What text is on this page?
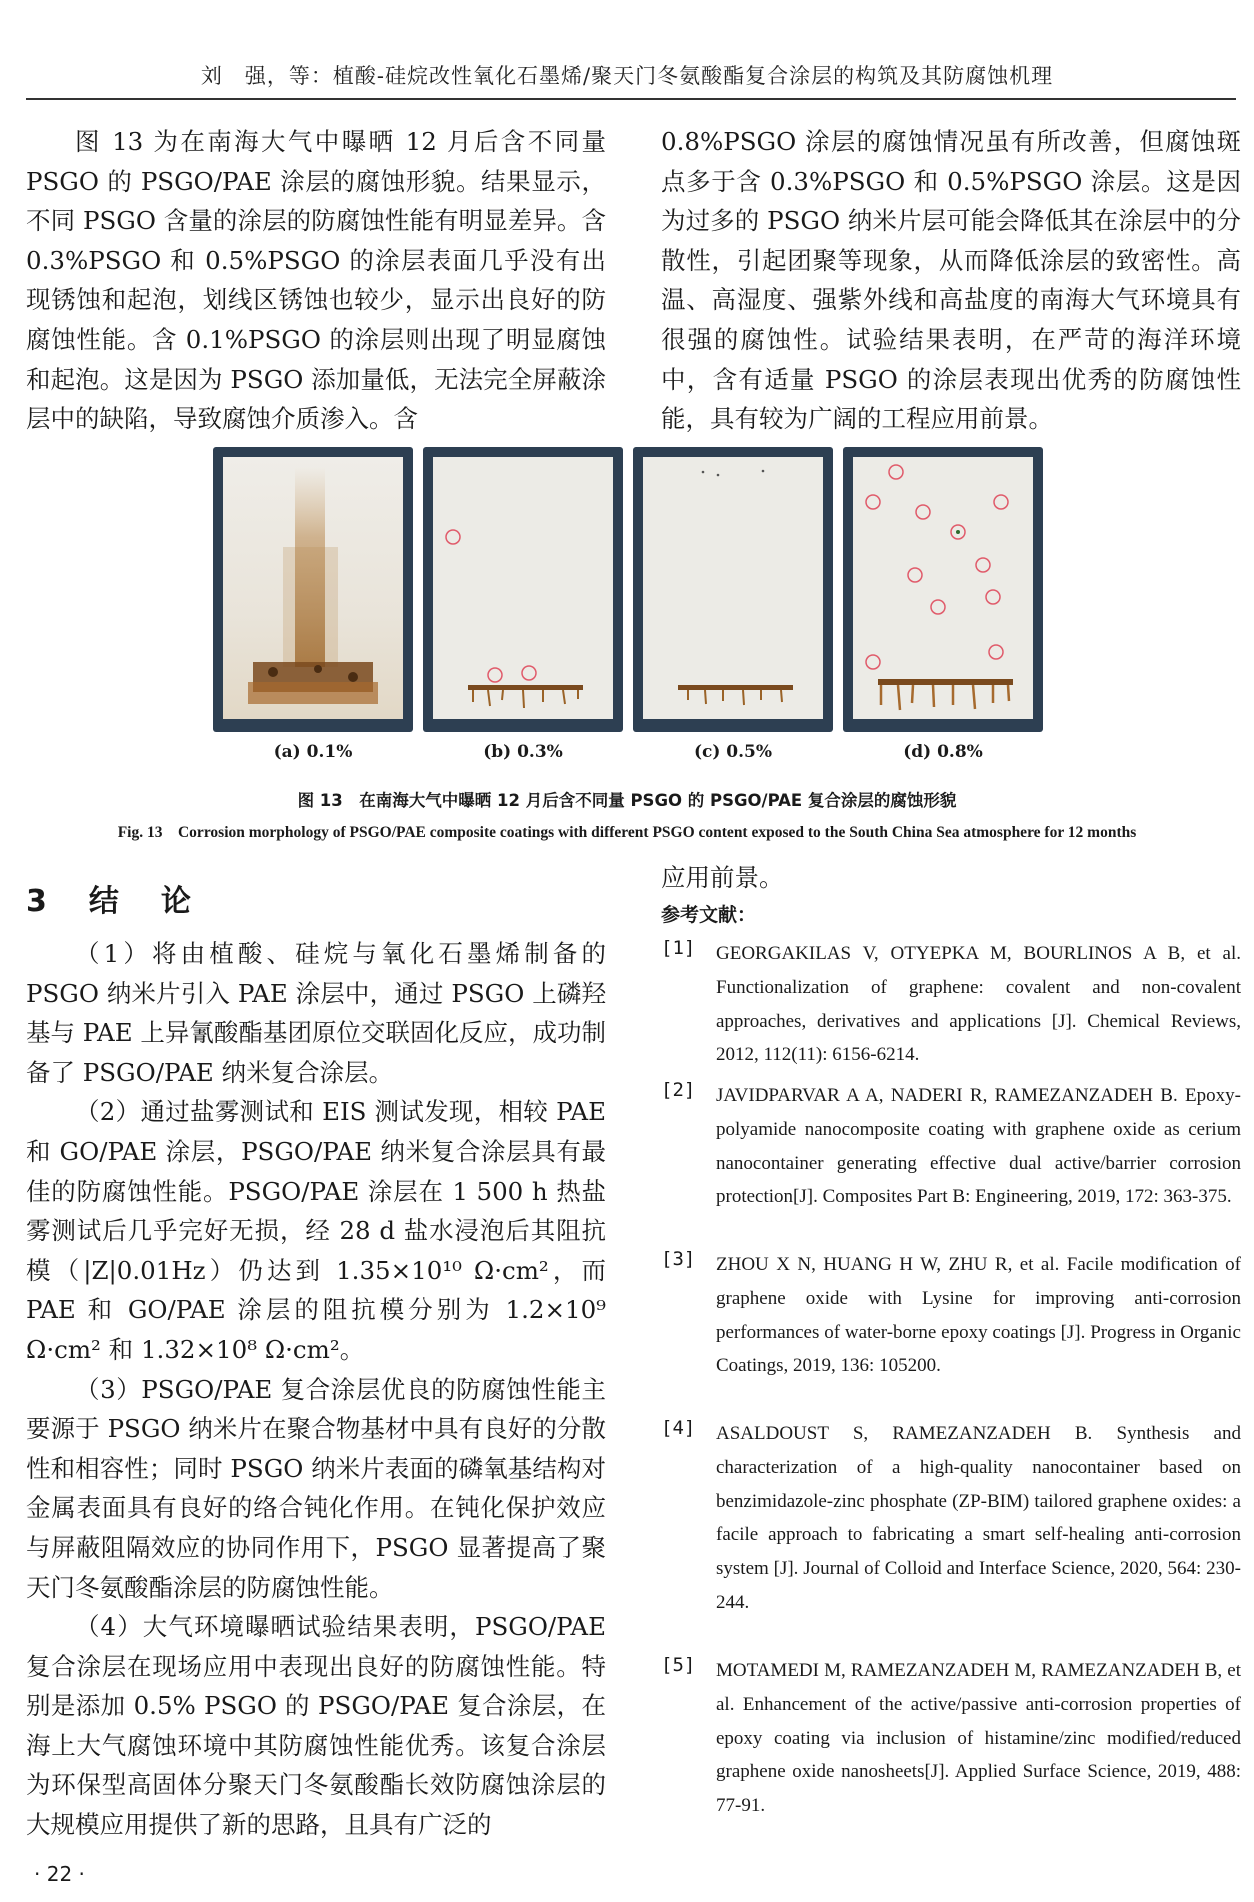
刘　强，等：植酸-硅烷改性氧化石墨烯/聚天门冬氨酸酯复合涂层的构筑及其防腐蚀机理

图 13 为在南海大气中曝晒 12 月后含不同量 PSGO 的 PSGO/PAE 涂层的腐蚀形貌。结果显示，不同 PSGO 含量的涂层的防腐蚀性能有明显差异。含 0.3%PSGO 和 0.5%PSGO 的涂层表面几乎没有出现锈蚀和起泡，划线区锈蚀也较少，显示出良好的防腐蚀性能。含 0.1%PSGO 的涂层则出现了明显腐蚀和起泡。这是因为 PSGO 添加量低，无法完全屏蔽涂层中的缺陷，导致腐蚀介质渗入。含

0.8%PSGO 涂层的腐蚀情况虽有所改善，但腐蚀斑点多于含 0.3%PSGO 和 0.5%PSGO 涂层。这是因为过多的 PSGO 纳米片层可能会降低其在涂层中的分散性，引起团聚等现象，从而降低涂层的致密性。高温、高湿度、强紫外线和高盐度的南海大气环境具有很强的腐蚀性。试验结果表明，在严苛的海洋环境中，含有适量 PSGO 的涂层表现出优秀的防腐蚀性能，具有较为广阔的工程应用前景。

(a) 0.1%	(b) 0.3%	(c) 0.5%	(d) 0.8%
图 13　在南海大气中曝晒 12 月后含不同量 PSGO 的 PSGO/PAE 复合涂层的腐蚀形貌
Fig. 13　Corrosion morphology of PSGO/PAE composite coatings with different PSGO content exposed to the South China Sea atmosphere for 12 months
3　结　论

（1）将由植酸、硅烷与氧化石墨烯制备的 PSGO 纳米片引入 PAE 涂层中，通过 PSGO 上磷羟基与 PAE 上异氰酸酯基团原位交联固化反应，成功制备了 PSGO/PAE 纳米复合涂层。

（2）通过盐雾测试和 EIS 测试发现，相较 PAE 和 GO/PAE 涂层，PSGO/PAE 纳米复合涂层具有最佳的防腐蚀性能。PSGO/PAE 涂层在 1 500 h 热盐雾测试后几乎完好无损，经 28 d 盐水浸泡后其阻抗模（|Z|0.01Hz）仍达到 1.35×10¹⁰ Ω·cm²，而 PAE 和 GO/PAE 涂层的阻抗模分别为 1.2×10⁹ Ω·cm² 和 1.32×10⁸ Ω·cm²。

（3）PSGO/PAE 复合涂层优良的防腐蚀性能主要源于 PSGO 纳米片在聚合物基材中具有良好的分散性和相容性；同时 PSGO 纳米片表面的磷氧基结构对金属表面具有良好的络合钝化作用。在钝化保护效应与屏蔽阻隔效应的协同作用下，PSGO 显著提高了聚天门冬氨酸酯涂层的防腐蚀性能。

（4）大气环境曝晒试验结果表明，PSGO/PAE 复合涂层在现场应用中表现出良好的防腐蚀性能。特别是添加 0.5% PSGO 的 PSGO/PAE 复合涂层，在海上大气腐蚀环境中其防腐蚀性能优秀。该复合涂层为环保型高固体分聚天门冬氨酸酯长效防腐蚀涂层的大规模应用提供了新的思路，且具有广泛的

应用前景。

参考文献：
[1] GEORGAKILAS V, OTYEPKA M, BOURLINOS A B, et al. Functionalization of graphene: covalent and non-covalent approaches, derivatives and applications [J]. Chemical Reviews, 2012, 112(11): 6156-6214.
[2] JAVIDPARVAR A A, NADERI R, RAMEZANZADEH B. Epoxy-polyamide nanocomposite coating with graphene oxide as cerium nanocontainer generating effective dual active/barrier corrosion protection[J]. Composites Part B: Engineering, 2019, 172: 363-375.
[3] ZHOU X N, HUANG H W, ZHU R, et al. Facile modification of graphene oxide with Lysine for improving anti-corrosion performances of water-borne epoxy coatings [J]. Progress in Organic Coatings, 2019, 136: 105200.
[4] ASALDOUST S, RAMEZANZADEH B. Synthesis and characterization of a high-quality nanocontainer based on benzimidazole-zinc phosphate (ZP-BIM) tailored graphene oxides: a facile approach to fabricating a smart self-healing anti-corrosion system [J]. Journal of Colloid and Interface Science, 2020, 564: 230-244.
[5] MOTAMEDI M, RAMEZANZADEH M, RAMEZANZADEH B, et al. Enhancement of the active/passive anti-corrosion properties of epoxy coating via inclusion of histamine/zinc modified/reduced graphene oxide nanosheets[J]. Applied Surface Science, 2019, 488: 77-91.
· 22 ·
